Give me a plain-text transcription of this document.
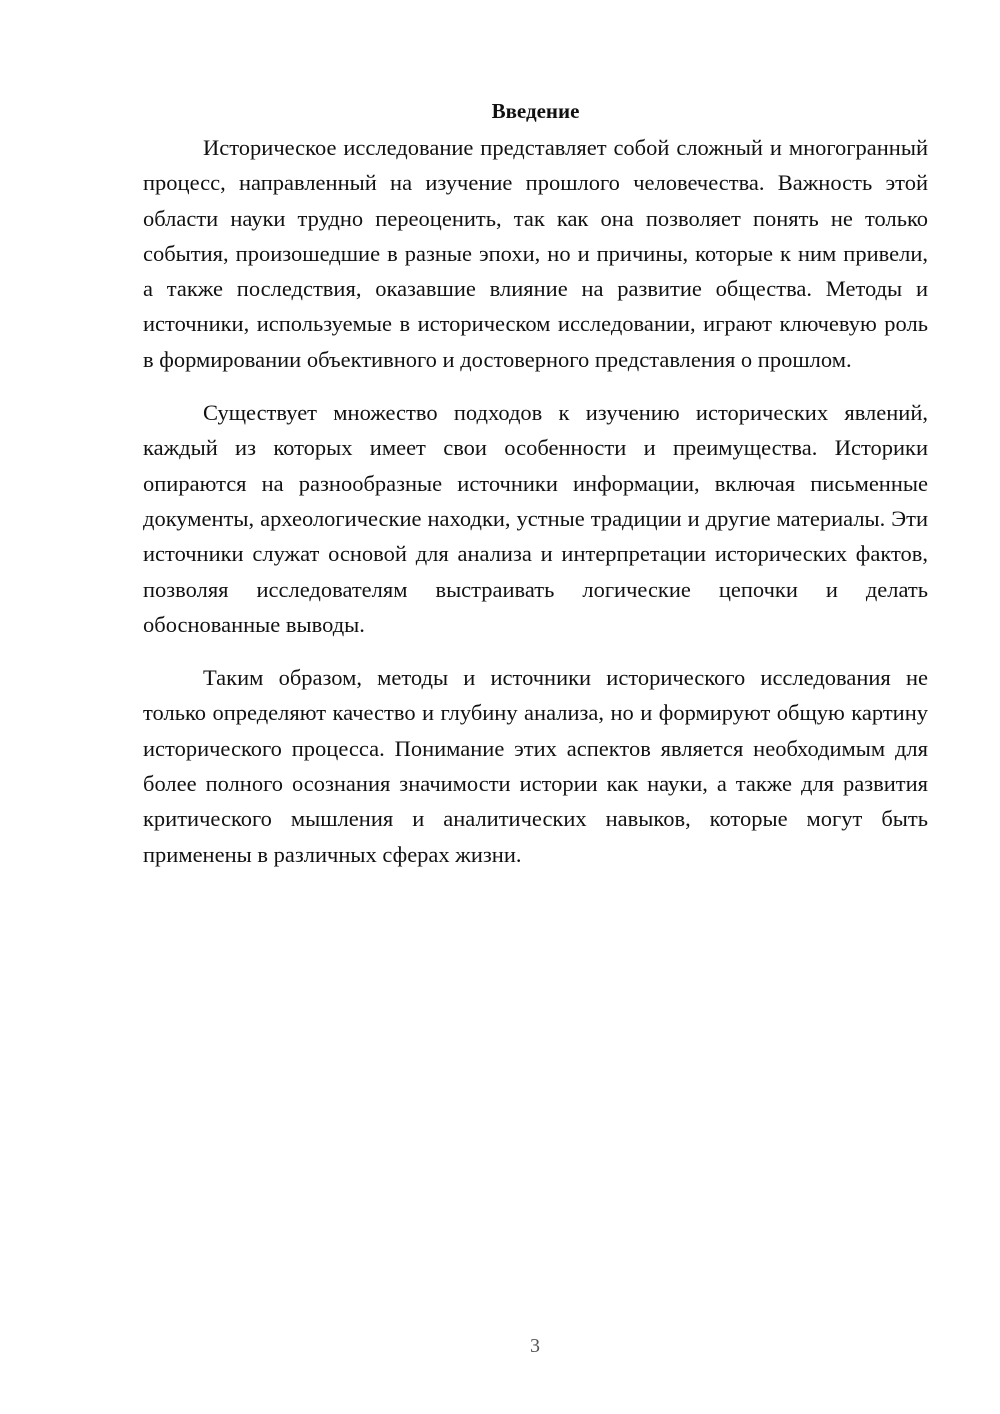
Введение

Историческое исследование представляет собой сложный и многогранный процесс, направленный на изучение прошлого человечества. Важность этой области науки трудно переоценить, так как она позволяет понять не только события, произошедшие в разные эпохи, но и причины, которые к ним привели, а также последствия, оказавшие влияние на развитие общества. Методы и источники, используемые в историческом исследовании, играют ключевую роль в формировании объективного и достоверного представления о прошлом.

Существует множество подходов к изучению исторических явлений, каждый из которых имеет свои особенности и преимущества. Историки опираются на разнообразные источники информации, включая письменные документы, археологические находки, устные традиции и другие материалы. Эти источники служат основой для анализа и интерпретации исторических фактов, позволяя исследователям выстраивать логические цепочки и делать обоснованные выводы.

Таким образом, методы и источники исторического исследования не только определяют качество и глубину анализа, но и формируют общую картину исторического процесса. Понимание этих аспектов является необходимым для более полного осознания значимости истории как науки, а также для развития критического мышления и аналитических навыков, которые могут быть применены в различных сферах жизни.

3
